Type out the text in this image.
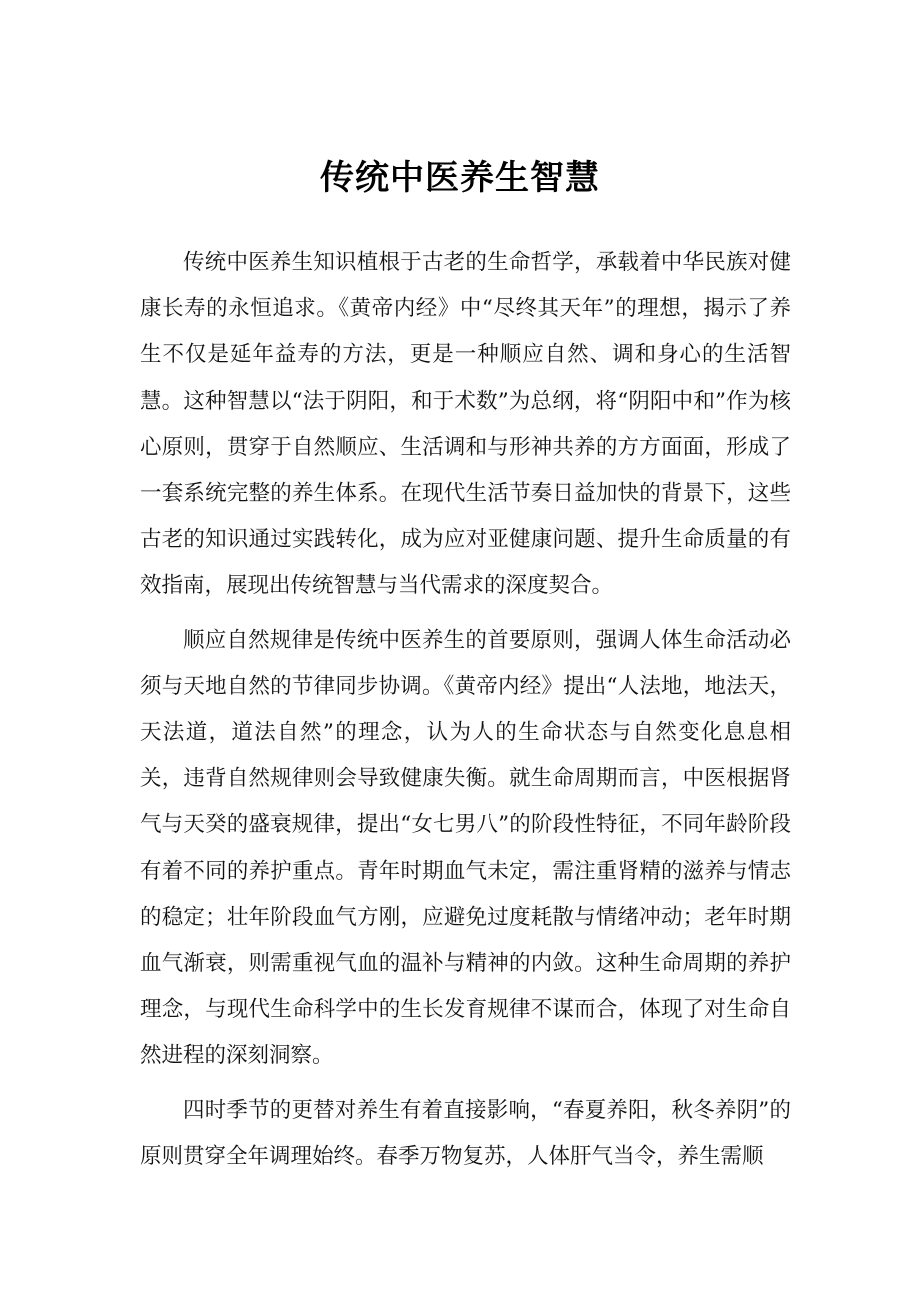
传统中医养生智慧

传统中医养生知识植根于古老的生命哲学，承载着中华民族对健康长寿的永恒追求。《黄帝内经》中“尽终其天年”的理想，揭示了养生不仅是延年益寿的方法，更是一种顺应自然、调和身心的生活智慧。这种智慧以“法于阴阳，和于术数”为总纲，将“阴阳中和”作为核心原则，贯穿于自然顺应、生活调和与形神共养的方方面面，形成了一套系统完整的养生体系。在现代生活节奏日益加快的背景下，这些古老的知识通过实践转化，成为应对亚健康问题、提升生命质量的有效指南，展现出传统智慧与当代需求的深度契合。

顺应自然规律是传统中医养生的首要原则，强调人体生命活动必须与天地自然的节律同步协调。《黄帝内经》提出“人法地，地法天，天法道，道法自然”的理念，认为人的生命状态与自然变化息息相关，违背自然规律则会导致健康失衡。就生命周期而言，中医根据肾气与天癸的盛衰规律，提出“女七男八”的阶段性特征，不同年龄阶段有着不同的养护重点。青年时期血气未定，需注重肾精的滋养与情志的稳定；壮年阶段血气方刚，应避免过度耗散与情绪冲动；老年时期血气渐衰，则需重视气血的温补与精神的内敛。这种生命周期的养护理念，与现代生命科学中的生长发育规律不谋而合，体现了对生命自然进程的深刻洞察。

四时季节的更替对养生有着直接影响，“春夏养阳，秋冬养阴”的原则贯穿全年调理始终。春季万物复苏，人体肝气当令，养生需顺
